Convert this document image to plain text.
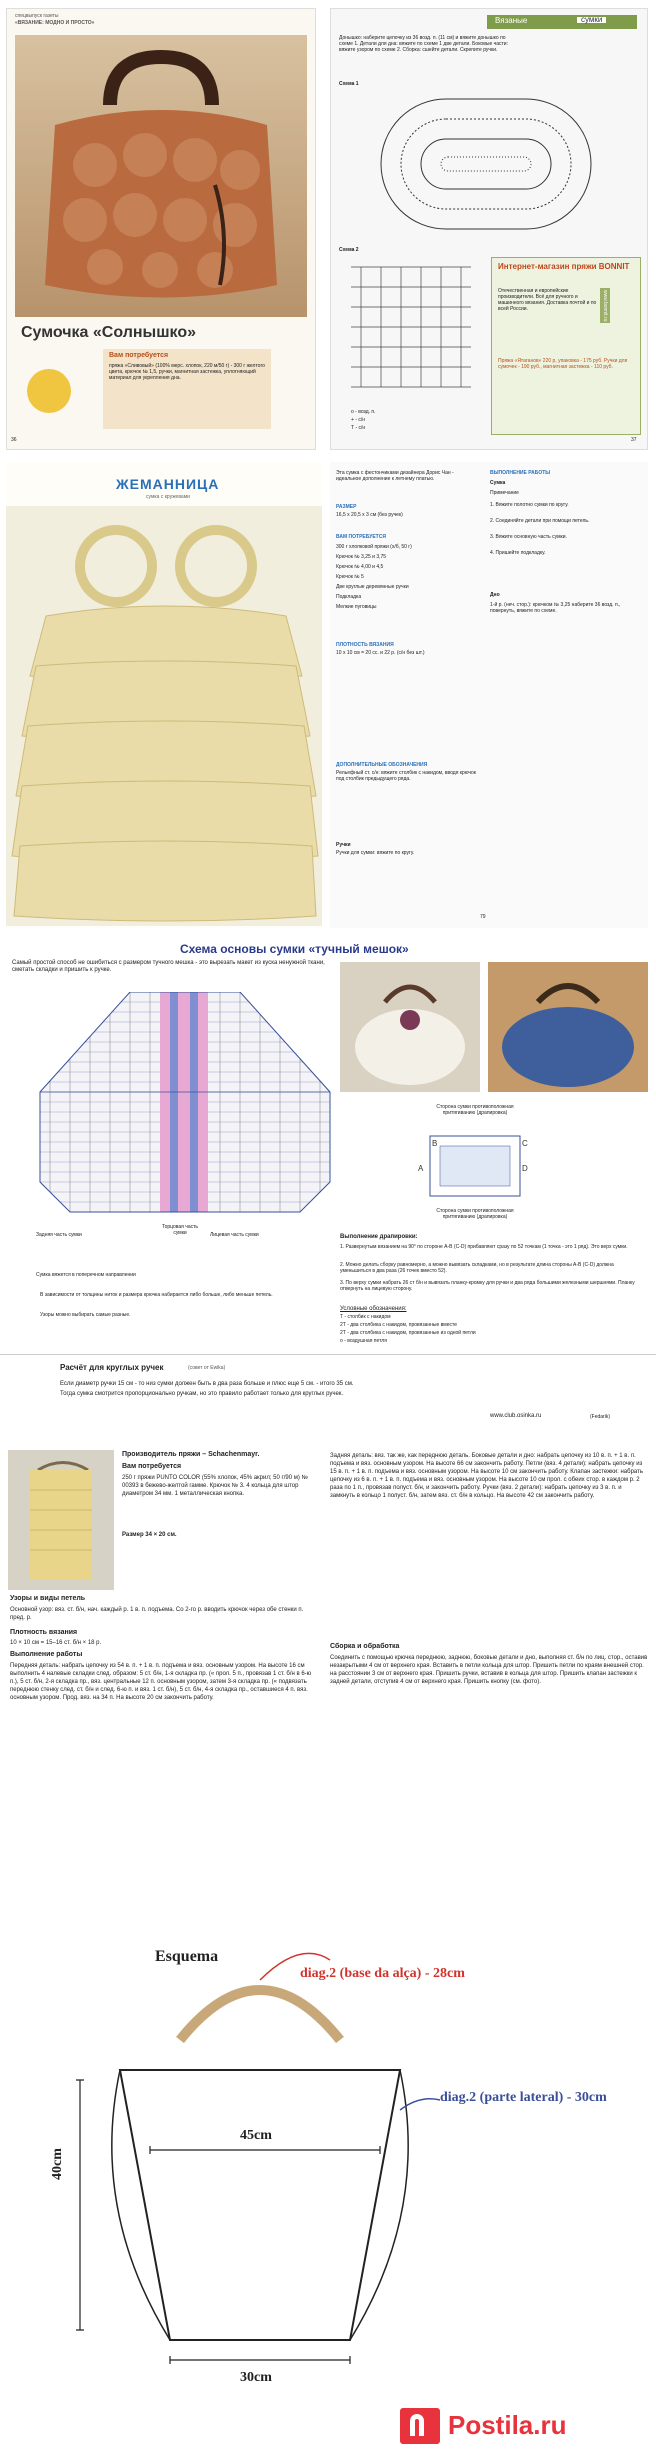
спецвыпуск газеты
«ВЯЗАНИЕ: МОДНО И ПРОСТО»
Сумочка «Солнышко»
Вам потребуется
пряжа «Сливовый» (100% мерс. хлопок, 220 м/50 г) - 300 г желтого цвета, крючок № 1,5, ручки, магнитная застежка, уплотняющий материал для укрепления дна.
36
Вязаные	сумки
Донышко: наберите цепочку из 36 возд. п. (11 см) и вяжите донышко по схеме 1. Детали для дна: вяжите по схеме 1 две детали. Боковые части: вяжите узором по схеме 2. Сборка: сшейте детали. Скрепите ручки.
Схема 1
Схема 2
о - возд. п.
+ - с/н
Т - с/н
Интернет-магазин пряжи BONNIT
Отечественная и европейские производители. Всё для ручного и машинного вязания. Доставка почтой и по всей России.
Пряжа «Ятаганов» 220 р, упаковка - 175 руб. Ручки для сумочек - 190 руб., магнитная застежка - 110 руб.
www.bonnit.ru
37
ЖЕМАННИЦА
сумка с кружевами
Эта сумка с фестончиками дизайнера Дорис Чан - идеальное дополнение к летнему платью.
РАЗМЕР
16,5 х 20,5 х 3 см (без ручек)
ВАМ ПОТРЕБУЕТСЯ
300 г хлопковой пряжи (х/б, 50 г)
Крючок № 3,25 и 3,75
Крючок № 4,00 и 4,5
Крючок № 5
Две круглые деревянные ручки
Подкладка
Мелкие пуговицы
ПЛОТНОСТЬ ВЯЗАНИЯ
10 х 10 см = 20 сс. и 22 р. (с/н без шт.)
ДОПОЛНИТЕЛЬНЫЕ ОБОЗНАЧЕНИЯ
Рельефный ст. с/н: вяжите столбик с накидом, вводя крючок под столбик предыдущего ряда.
Ручки
Ручки для сумки: вяжите по кругу.
ВЫПОЛНЕНИЕ РАБОТЫ
Сумка
Примечание
1. Вяжите полотно сумки по кругу.
2. Соединяйте детали при помощи петель.
3. Вяжите основную часть сумки.
4. Пришейте подкладку.
Дно
1-й р. (неч. стор.): крючком № 3,25 наберите 36 возд. п., повернуть, вяжите по схеме.
79
Схема основы сумки «тучный мешок»
Самый простой способ не ошибиться с размером тучного мешка - это вырезать макет из куска ненужной ткани, сметать складки и пришить к ручке.
Задняя часть сумки
Торцовая часть сумки	Лицевая часть сумки
Сумка вяжется в поперечном направлении
В зависимости от толщины ниток и размера крючка набирается либо больше, либо меньше петель.
Узоры можно выбирать самые разные.
Сторона сумки противоположная притягиванию (драпировка)
A
B	C
D
Сторона сумки противоположная притягиванию (драпировка)
Выполнение драпировки:
1. Развернутым вязанием на 90° по стороне A-B (C-D) прибавляют сразу по 52 точкам (1 точка - это 1 ряд). Это верх сумки.
2. Можно делать сборку равномерно, а можно вывязать складками, но в результате длина стороны A-B (C-D) должна уменьшиться в два раза (26 точек вместо 52).
3. По верху сумки набрать 26 ст б/н и вывязать планку-кромку для ручки и два ряда большими железными шершнями. Планку отвернуть на лицевую сторону.
Условные обозначения:
Т - столбик с накидом
2Т - два столбика с накидом, провязанные вместе
2Т - два столбика с накидом, провязанные из одной петли
о - воздушная петля
Расчёт для круглых ручек	(совет от Ewika)
Если диаметр ручки 15 см - то низ сумки должен быть в два раза больше и плюс еще 5 см. - итого 35 см.
Тогда сумка смотрится пропорционально ручкам, но это правило работает только для круглых ручек.
www.club.osinka.ru	(Fedarik)
Производитель пряжи – Schachenmayr.
Вам потребуется
250 г пряжи PUNTO COLOR (55% хлопок, 45% акрил; 50 г/90 м) № 00393 в бежево-желтой гамме. Крючок № 3. 4 кольца для штор диаметром 34 мм. 1 металлическая кнопка.
Размер 34 × 20 см.
Узоры и виды петель
Основной узор: вяз. ст. б/н, нач. каждый р. 1 в. п. подъема. Со 2-го р. вводить крючок через обе стенки п. пред. р.
Плотность вязания
10 × 10 см = 15–16 ст. б/н × 18 р.
Выполнение работы
Передняя деталь: набрать цепочку из 54 в. п. + 1 в. п. подъема и вяз. основным узором. На высоте 16 см выполнить 4 налевые складки след. образом: 5 ст. б/н, 1-я складка пр. (« прол. 5 п., провязав 1 ст. б/н в 6-ю п.), 5 ст. б/н, 2-я складка пр., вяз. центральные 12 п. основным узором, затем 3-я складка пр. (« подвязать переднюю стенку след. ст. б/н и след. 6-ю п. и вяз. 1 ст. б/н), 5 ст. б/н, 4-я складка пр., оставшиеся 4 п. вяз. основным узором. Прод. вяз. на 34 п. На высоте 20 см закончить работу.
Задняя деталь: вяз. так же, как переднюю деталь. Боковые детали и дно: набрать цепочку из 10 в. п. + 1 в. п. подъема и вяз. основным узором. На высоте 66 см закончить работу. Петли (вяз. 4 детали): набрать цепочку из 15 в. п. + 1 в. п. подъема и вяз. основным узором. На высоте 10 см закончить работу. Клапан застежки: набрать цепочку из 6 в. п. + 1 в. п. подъема и вяз. основным узором. На высоте 10 см прол. с обеих стор. в каждом р. 2 раза по 1 п., провязав полуст. б/н, и закончить работу. Ручки (вяз. 2 детали): набрать цепочку из 3 в. п. и замкнуть в кольцо 1 полуст. б/н, затем вяз. ст. б/н в кольцо. На высоте 42 см закончить работу.
Сборка и обработка
Соединить с помощью крючка переднюю, заднюю, боковые детали и дно, выполняя ст. б/н по лиц. стор., оставив незакрытыми 4 см от верхнего края. Вставить в петли кольца для штор. Пришить петли по краям внешней стор. на расстоянии 3 см от верхнего края. Пришить ручки, вставив в кольца для штор. Пришить клапан застежки к задней детали, отступив 4 см от верхнего края. Пришить кнопку (см. фото).
Esquema
diag.2 (base da alça) - 28cm
diag.2 (parte lateral) - 30cm
45cm
40cm
30cm
Postila.ru
